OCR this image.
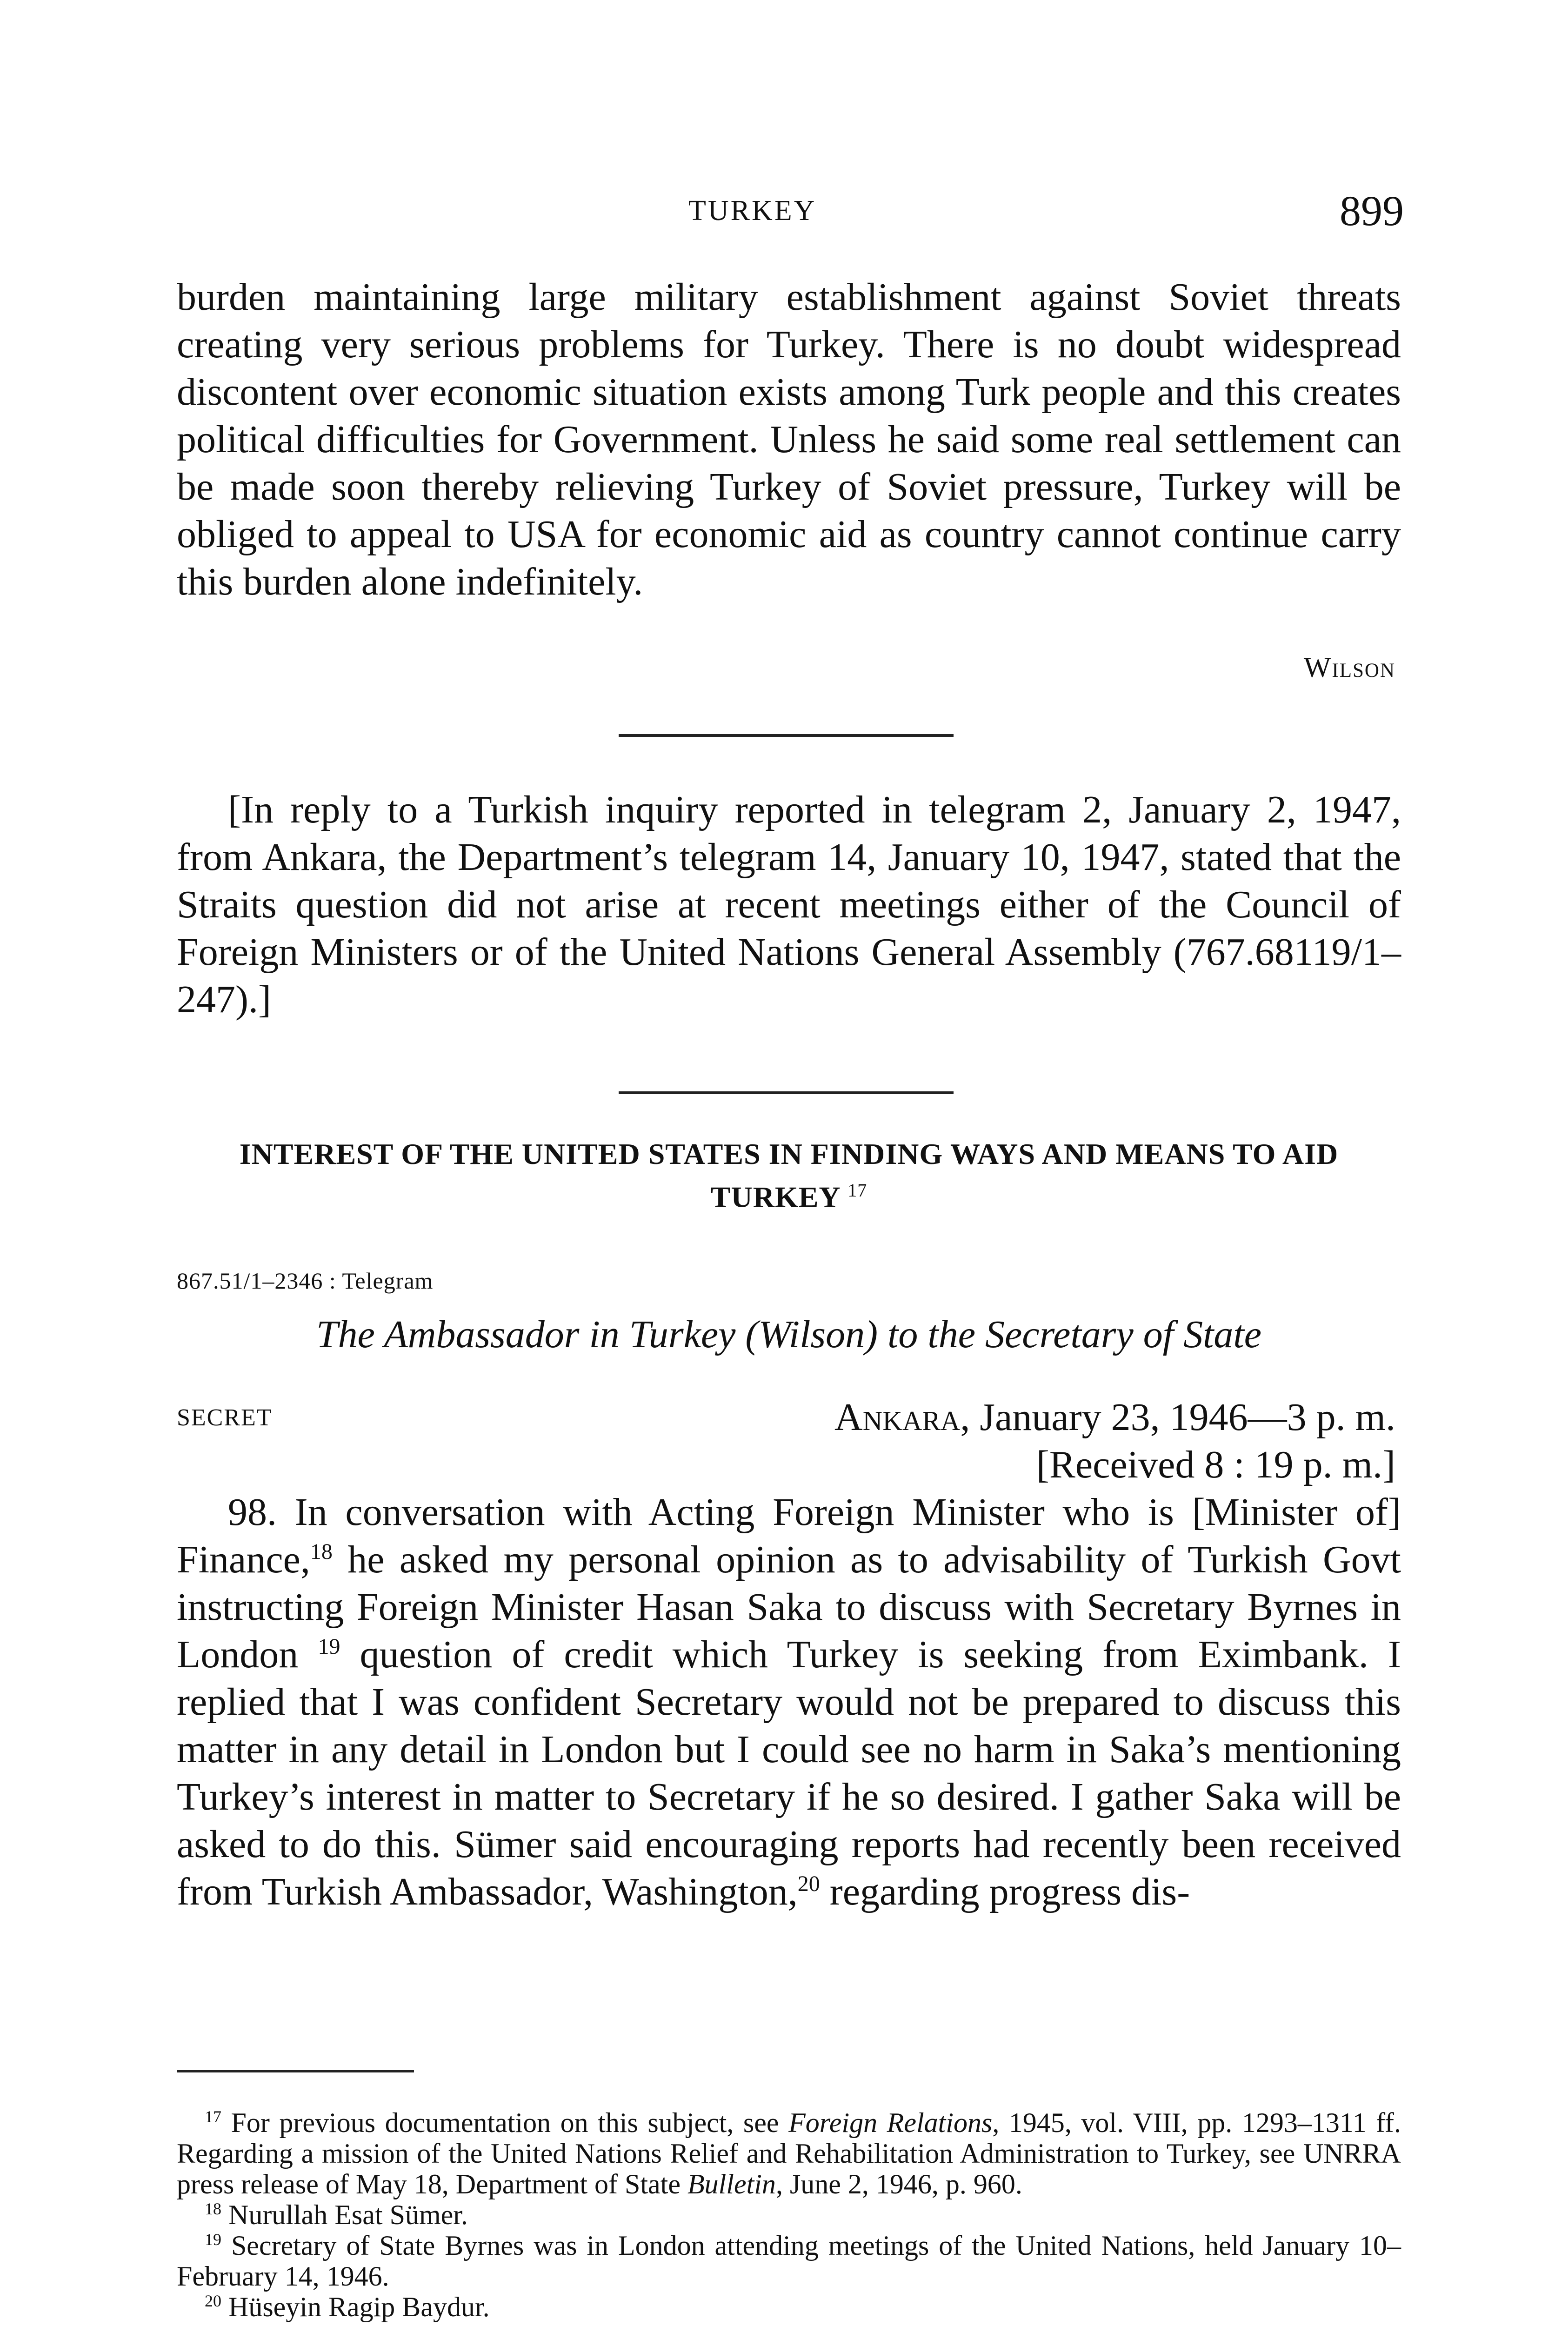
TURKEY	899

burden maintaining large military establishment against Soviet threats creating very serious problems for Turkey. There is no doubt widespread discontent over economic situation exists among Turk people and this creates political difficulties for Government. Unless he said some real settlement can be made soon thereby relieving Turkey of Soviet pressure, Turkey will be obliged to appeal to USA for economic aid as country cannot continue carry this burden alone indefinitely.

Wilson

[In reply to a Turkish inquiry reported in telegram 2, January 2, 1947, from Ankara, the Department’s telegram 14, January 10, 1947, stated that the Straits question did not arise at recent meetings either of the Council of Foreign Ministers or of the United Nations General Assembly (767.68119/1–247).]

INTEREST OF THE UNITED STATES IN FINDING WAYS AND MEANS TO AID TURKEY $^{17}$
867.51/1–2346 : Telegram
The Ambassador in Turkey (Wilson) to the Secretary of State
SECRET	Ankara, January 23, 1946—3 p. m.
[Received 8 : 19 p. m.]

98. In conversation with Acting Foreign Minister who is [Minister of] Finance,$^{18}$ he asked my personal opinion as to advisability of Turkish Govt instructing Foreign Minister Hasan Saka to discuss with Secretary Byrnes in London $^{19}$ question of credit which Turkey is seeking from Eximbank. I replied that I was confident Secretary would not be prepared to discuss this matter in any detail in London but I could see no harm in Saka’s mentioning Turkey’s interest in matter to Secretary if he so desired. I gather Saka will be asked to do this. Sümer said encouraging reports had recently been received from Turkish Ambassador, Washington,$^{20}$ regarding progress dis-

$^{17}$ For previous documentation on this subject, see Foreign Relations, 1945, vol. VIII, pp. 1293–1311 ff. Regarding a mission of the United Nations Relief and Rehabilitation Administration to Turkey, see UNRRA press release of May 18, Department of State Bulletin, June 2, 1946, p. 960.

$^{18}$ Nurullah Esat Sümer.

$^{19}$ Secretary of State Byrnes was in London attending meetings of the United Nations, held January 10–February 14, 1946.

$^{20}$ Hüseyin Ragip Baydur.
